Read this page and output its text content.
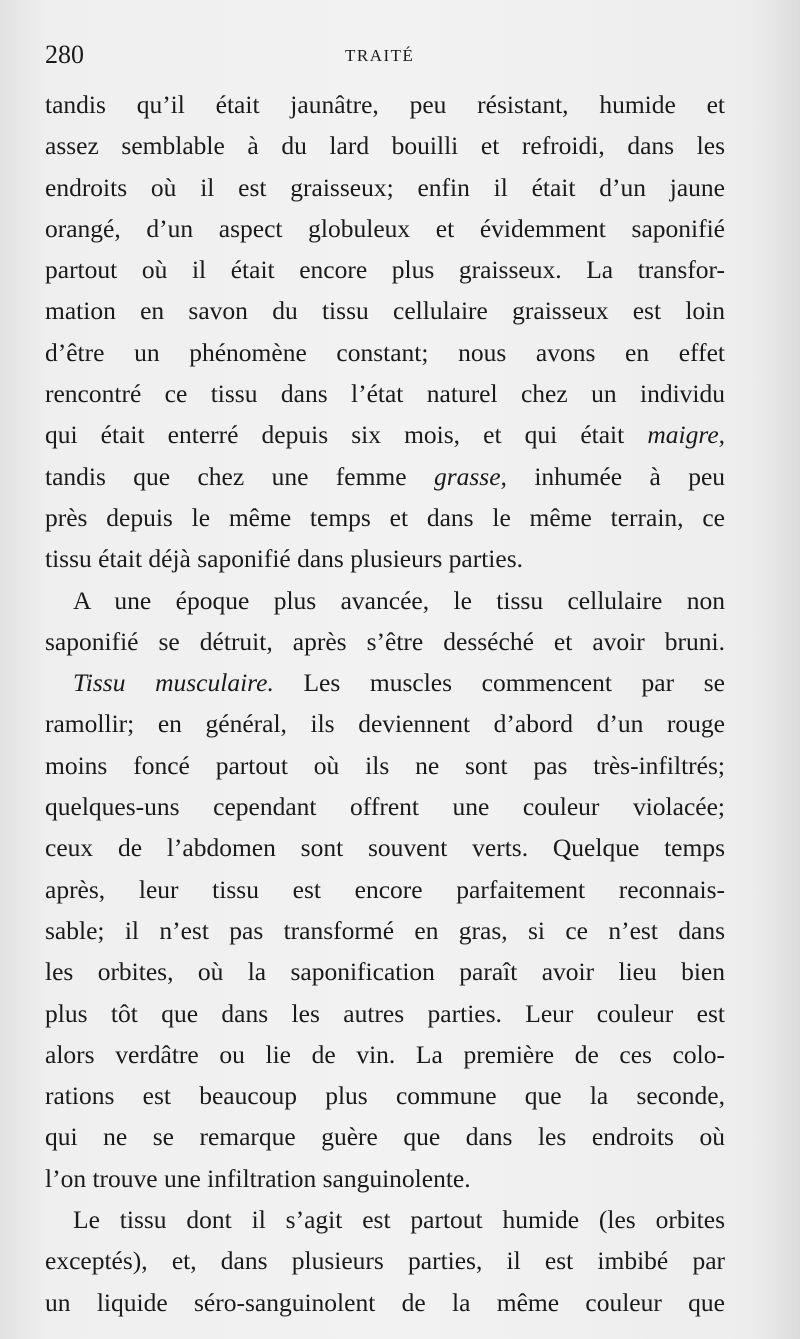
280	TRAITÉ
tandis qu’il était jaunâtre, peu résistant, humide et
assez semblable à du lard bouilli et refroidi, dans les
endroits où il est graisseux; enfin il était d’un jaune
orangé, d’un aspect globuleux et évidemment saponifié
partout où il était encore plus graisseux. La transfor-
mation en savon du tissu cellulaire graisseux est loin
d’être un phénomène constant; nous avons en effet
rencontré ce tissu dans l’état naturel chez un individu
qui était enterré depuis six mois, et qui était maigre,
tandis que chez une femme grasse, inhumée à peu
près depuis le même temps et dans le même terrain, ce
tissu était déjà saponifié dans plusieurs parties.
A une époque plus avancée, le tissu cellulaire non
saponifié se détruit, après s’être desséché et avoir bruni.
Tissu musculaire. Les muscles commencent par se
ramollir; en général, ils deviennent d’abord d’un rouge
moins foncé partout où ils ne sont pas très-infiltrés;
quelques-uns cependant offrent une couleur violacée;
ceux de l’abdomen sont souvent verts. Quelque temps
après, leur tissu est encore parfaitement reconnais-
sable; il n’est pas transformé en gras, si ce n’est dans
les orbites, où la saponification paraît avoir lieu bien
plus tôt que dans les autres parties. Leur couleur est
alors verdâtre ou lie de vin. La première de ces colo-
rations est beaucoup plus commune que la seconde,
qui ne se remarque guère que dans les endroits où
l’on trouve une infiltration sanguinolente.
Le tissu dont il s’agit est partout humide (les orbites
exceptés), et, dans plusieurs parties, il est imbibé par
un liquide séro-sanguinolent de la même couleur que
